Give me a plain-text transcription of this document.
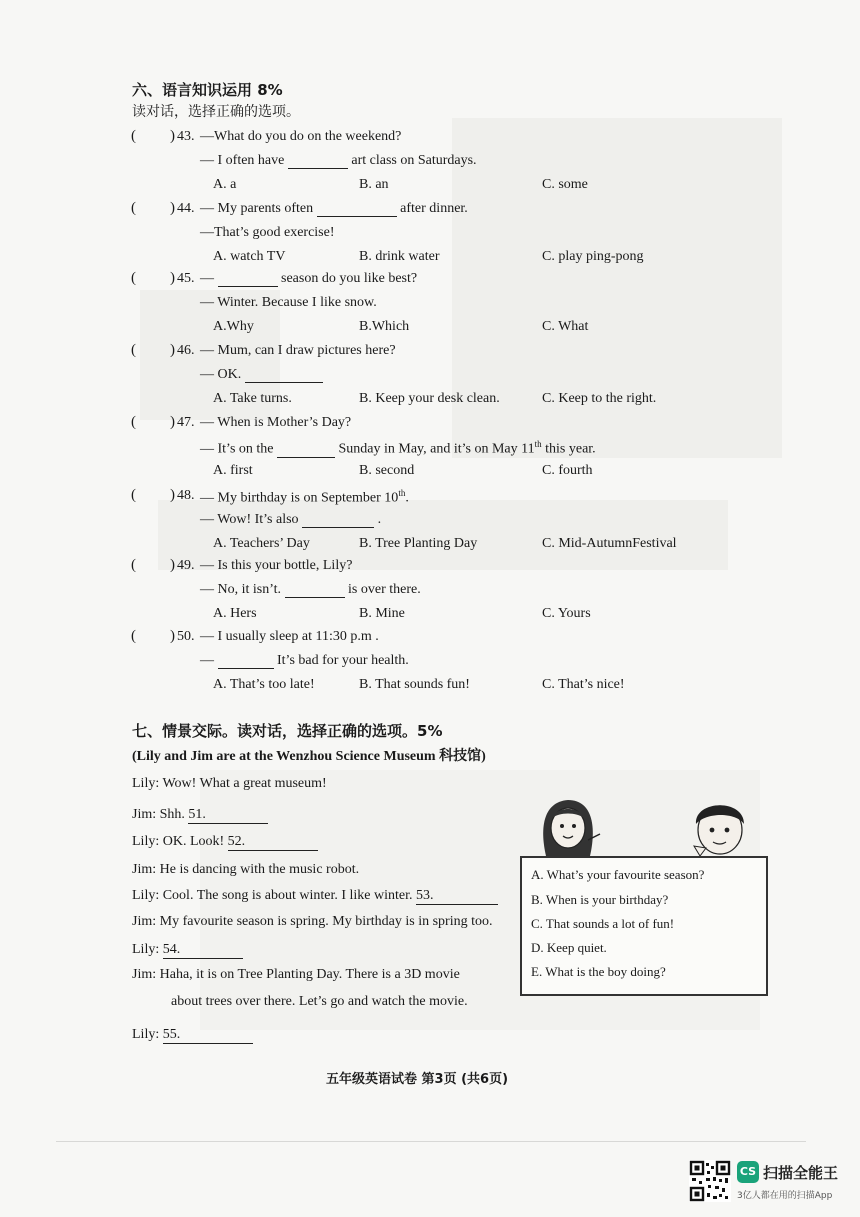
六、语言知识运用 8%
读对话，选择正确的选项。
( ) 43. —What do you do on the weekend?
— I often have	art class on Saturdays.
A. a	B. an	C. some
( ) 44. — My parents often	after dinner.
—That’s good exercise!
A. watch TV	B. drink water	C. play ping-pong
( ) 45. —	season do you like best?
— Winter. Because I like snow.
A.Why	B.Which	C. What
( ) 46. — Mum, can I draw pictures here?
— OK.
A. Take turns.	B. Keep your desk clean.	C. Keep to the right.
( ) 47. — When is Mother’s Day?
— It’s on the	Sunday in May, and it’s on May 11th this year.
A. first	B. second	C. fourth
( ) 48. — My birthday is on September 10th.
— Wow! It’s also	.
A. Teachers’ Day	B. Tree Planting Day	C. Mid-AutumnFestival
( ) 49. — Is this your bottle, Lily?
— No, it isn’t.	is over there.
A. Hers	B. Mine	C. Yours
( ) 50. — I usually sleep at 11:30 p.m .
—	It’s bad for your health.
A. That’s too late!	B. That sounds fun!	C. That’s nice!
七、情景交际。读对话，选择正确的选项。5%
(Lily and Jim are at the Wenzhou Science Museum 科技馆)
Lily: Wow! What a great museum!
Jim: Shh. 51.
Lily: OK. Look! 52.
Jim: He is dancing with the music robot.
Lily: Cool. The song is about winter. I like winter. 53.
Jim: My favourite season is spring. My birthday is in spring too.
Lily: 54.
Jim: Haha, it is on Tree Planting Day. There is a 3D movie
about trees over there. Let’s go and watch the movie.
Lily: 55.
A. What’s your favourite season?
B. When is your birthday?
C. That sounds a lot of fun!
D. Keep quiet.
E. What is the boy doing?
五年级英语试卷 第3页 (共6页)
CS 扫描全能王
3亿人都在用的扫描App
